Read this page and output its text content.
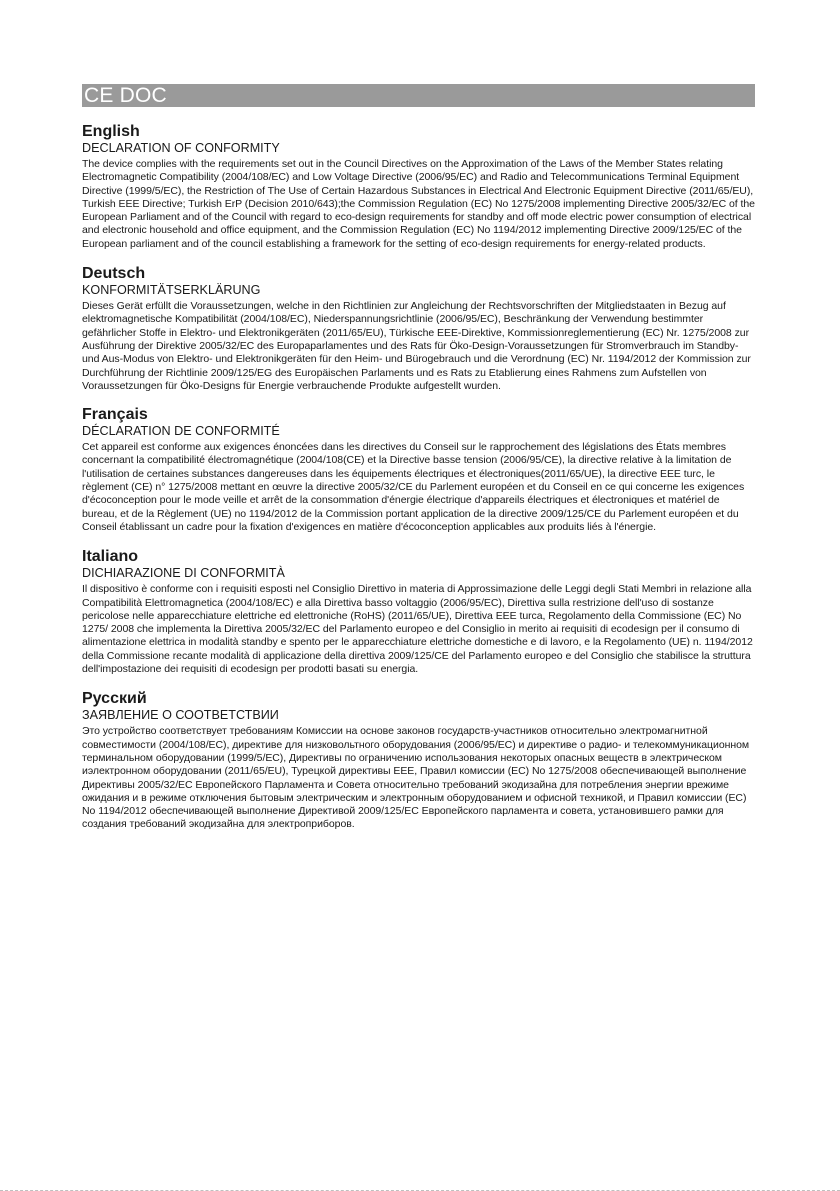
CE DOC
English
DECLARATION OF CONFORMITY

The device complies with the requirements set out in the Council Directives on the Approximation of the Laws of the Member States relating Electromagnetic Compatibility (2004/108/EC) and Low Voltage Directive (2006/95/EC) and Radio and Telecommunications Terminal Equipment Directive (1999/5/EC), the Restriction of The Use of Certain Hazardous Substances in Electrical And Electronic Equipment Directive (2011/65/EU), Turkish EEE Directive; Turkish ErP (Decision 2010/643);the Commission Regulation (EC) No 1275/2008 implementing Directive 2005/32/EC of the European Parliament and of the Council with regard to eco-design requirements for standby and off mode electric power consumption of electrical and electronic household and office equipment, and the Commission Regulation (EC) No 1194/2012 implementing Directive 2009/125/EC of the European parliament and of the council establishing a framework for the setting of eco-design requirements for energy-related products.

Deutsch
KONFORMITÄTSERKLÄRUNG

Dieses Gerät erfüllt die Voraussetzungen, welche in den Richtlinien zur Angleichung der Rechtsvorschriften der Mitgliedstaaten in Bezug auf elektromagnetische Kompatibilität (2004/108/EC), Niederspannungsrichtlinie (2006/95/EC), Beschränkung der Verwendung bestimmter gefährlicher Stoffe in Elektro- und Elektronikgeräten (2011/65/EU), Türkische EEE-Direktive, Kommissionreglementierung (EC) Nr. 1275/2008 zur Ausführung der Direktive 2005/32/EC des Europaparlamentes und des Rats für Öko-Design-Voraussetzungen für Stromverbrauch im Standby- und Aus-Modus von Elektro- und Elektronikgeräten für den Heim- und Bürogebrauch und die Verordnung (EC) Nr. 1194/2012 der Kommission zur Durchführung der Richtlinie 2009/125/EG des Europäischen Parlaments und es Rats zu Etablierung eines Rahmens zum Aufstellen von Voraussetzungen für Öko-Designs für Energie verbrauchende Produkte aufgestellt wurden.

Français
DÉCLARATION DE CONFORMITÉ

Cet appareil est conforme aux exigences énoncées dans les directives du Conseil sur le rapprochement des législations des États membres concernant la compatibilité électromagnétique (2004/108(CE) et la Directive basse tension (2006/95/CE), la directive relative à la limitation de l'utilisation de certaines substances dangereuses dans les équipements électriques et électroniques(2011/65/UE), la directive EEE turc, le règlement (CE) n° 1275/2008 mettant en œuvre la directive 2005/32/CE du Parlement européen et du Conseil en ce qui concerne les exigences d'écoconception pour le mode veille et arrêt de la consommation d'énergie électrique d'appareils électriques et électroniques et matériel de bureau, et de la Règlement (UE) no 1194/2012 de la Commission portant application de la directive 2009/125/CE du Parlement européen et du Conseil établissant un cadre pour la fixation d'exigences en matière d'écoconception applicables aux produits liés à l'énergie.

Italiano
DICHIARAZIONE DI CONFORMITÀ

Il dispositivo è conforme con i requisiti esposti nel Consiglio Direttivo in materia di Approssimazione delle Leggi degli Stati Membri in relazione alla Compatibilità Elettromagnetica (2004/108/EC) e alla Direttiva basso voltaggio (2006/95/EC), Direttiva sulla restrizione dell'uso di sostanze pericolose nelle apparecchiature elettriche ed elettroniche (RoHS) (2011/65/UE), Direttiva EEE turca, Regolamento della Commissione (EC) No 1275/ 2008 che implementa la Direttiva 2005/32/EC del Parlamento europeo e del Consiglio in merito ai requisiti di ecodesign per il consumo di alimentazione elettrica in modalità standby e spento per le apparecchiature elettriche domestiche e di lavoro, e la Regolamento (UE) n. 1194/2012 della Commissione recante modalità di applicazione della direttiva 2009/125/CE del Parlamento europeo e del Consiglio che stabilisce la struttura dell'impostazione dei requisiti di ecodesign per prodotti basati su energia.

Русский
ЗАЯВЛЕНИЕ О СООТВЕТСТВИИ

Это устройство соответствует требованиям Комиссии на основе законов государств-участников относительно электромагнитной совместимости (2004/108/EC), директиве для низковольтного оборудования (2006/95/EC) и директиве о радио- и телекоммуникационном терминальном оборудовании (1999/5/EC), Директивы по ограничению использования некоторых опасных веществ в электрическом иэлектронном оборудовании (2011/65/EU), Турецкой директивы EEE, Правил комиссии (EC) No 1275/2008 обеспечивающей выполнение Директивы 2005/32/EC Европейского Парламента и Совета относительно требований экодизайна для потребления энергии врежиме ожидания и в режиме отключения бытовым электрическим и электронным оборудованием и офисной техникой, и Правил комиссии (EC) No 1194/2012 обеспечивающей выполнение Директивой 2009/125/EC Европейского парламента и совета, установившего рамки для создания требований экодизайна для электроприборов.
